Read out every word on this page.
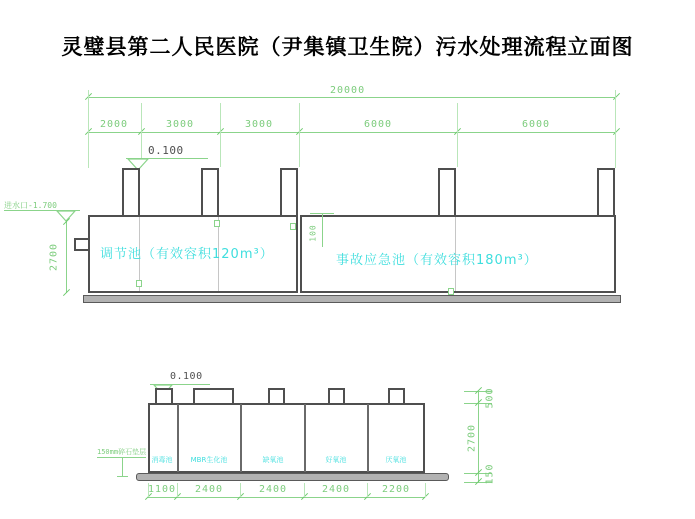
灵璧县第二人民医院（尹集镇卫生院）污水处理流程立面图
20000
2000	3000	3000	6000	6000
0.100
进水口-1.700
2700
100
调节池（有效容积120m³）	事故应急池（有效容积180m³）
0.100
消毒池	MBR生化池	缺氧池	好氧池	厌氧池
150mm碎石垫层
1100 2400	2400	2400	2200
500
2700
150
